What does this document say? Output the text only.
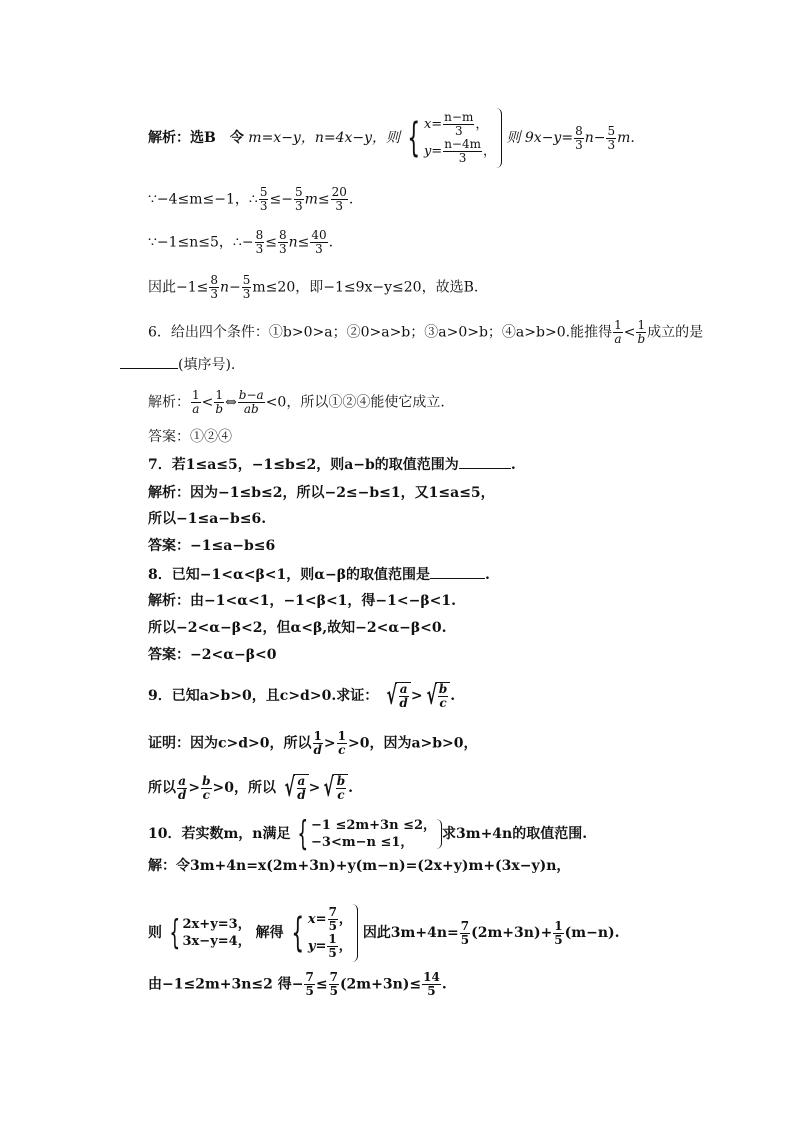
解析：选B　令 m=x−y，n=4x−y，则 { $x= \frac{n-m}{3}$ ，
$y= \frac{n-4m}{3}$ ，
则 $9x-y= \frac{8}{3} n- \frac{5}{3} m$.
∵−4≤m≤−1，∴ $\frac{5}{3} \le- \frac{5}{3} m\le \frac{20}{3}$ .
∵−1≤n≤5，∴− $\frac{8}{3} \le \frac{8}{3} n\le \frac{40}{3}$ .
因此$-1\le \frac{8}{3} n- \frac{5}{3} m\le 20$，即−1≤9x−y≤20，故选B.
6．给出四个条件：①b>0>a；②0>a>b；③a>0>b；④a>b>0.能推得 $\frac{1}{a} < \frac{1}{b}$ 成立的是
(填序号).
解析： $\frac{1}{a} < \frac{1}{b}$ ⇔ $\frac{b-a}{ab} <0$，所以①②④能使它成立.
答案：①②④
7．若1≤a≤5，−1≤b≤2，则a−b的取值范围为	.
解析：因为−1≤b≤2，所以−2≤−b≤1，又1≤a≤5，
所以−1≤a−b≤6.
答案：−1≤a−b≤6
8．已知−1<α<β<1，则α−β的取值范围是	.
解析：由−1<α<1，−1<β<1，得−1<−β<1.
所以−2<α−β<2，但α<β,故知−2<α−β<0.
答案：−2<α−β<0
9．已知a>b>0，且c>d>0.求证： √ $\frac{a}{d}$ > √ $\frac{b}{c}$ .
证明：因为c>d>0，所以 $\frac{1}{d} > \frac{1}{c} >0$，因为a>b>0，
所以 $\frac{a}{d} > \frac{b}{c} >0$，所以 √ $\frac{a}{d}$ > √ $\frac{b}{c}$ .
10．若实数m，n满足 { −1 ≤2m+3n ≤2，
−3<m−n ≤1，
求3m+4n的取值范围.
解：令3m+4n=x(2m+3n)+y(m−n)=(2x+y)m+(3x−y)n，
则 { 2x+y=3，
3x−y=4，
解得 { $x= \frac{7}{5}$ ，
$y= \frac{1}{5}$ ，
因此$3m+4n= \frac{7}{5} (2m+3n)+ \frac{1}{5} (m-n)$.
由−1≤2m+3n≤2 得− $\frac{7}{5} \le \frac{7}{5} (2m+3n)\le \frac{14}{5}$ .
